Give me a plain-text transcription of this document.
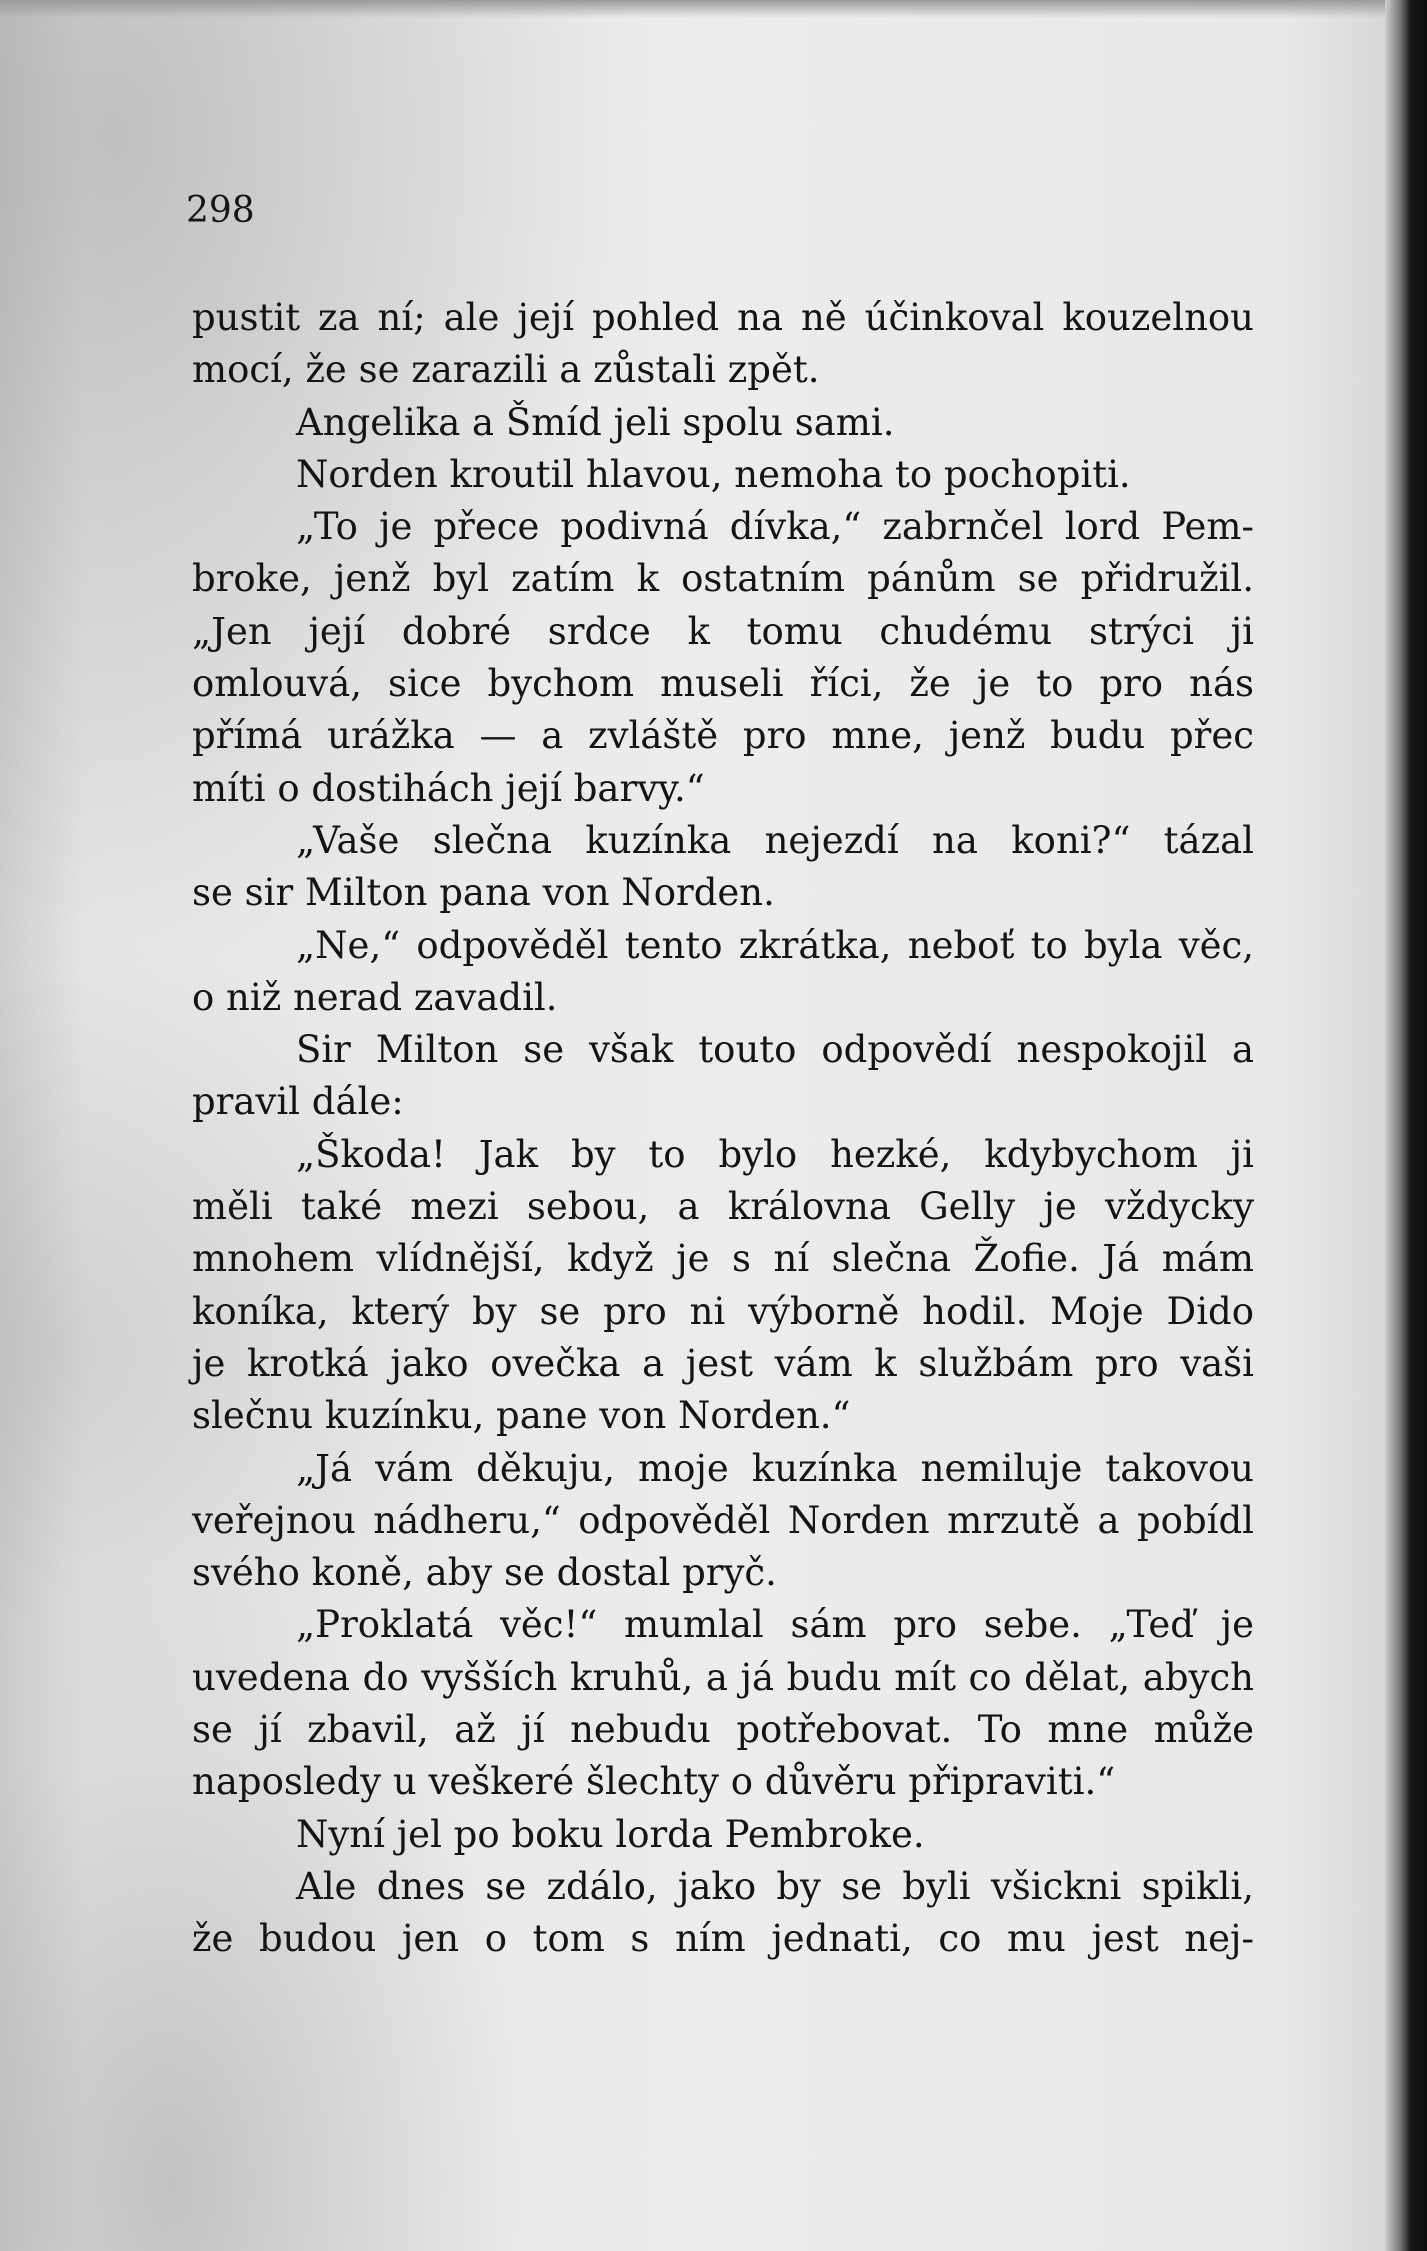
298

pustit za ní; ale její pohled na ně účinkoval kouzelnou
mocí, že se zarazili a zůstali zpět.
Angelika a Šmíd jeli spolu sami.
Norden kroutil hlavou, nemoha to pochopiti.
„To je přece podivná dívka,“ zabrnčel lord Pem-
broke, jenž byl zatím k ostatním pánům se přidružil.
„Jen její dobré srdce k tomu chudému strýci ji
omlouvá, sice bychom museli říci, že je to pro nás
přímá urážka — a zvláště pro mne, jenž budu přec
míti o dostihách její barvy.“
„Vaše slečna kuzínka nejezdí na koni?“ tázal
se sir Milton pana von Norden.
„Ne,“ odpověděl tento zkrátka, neboť to byla věc,
o niž nerad zavadil.
Sir Milton se však touto odpovědí nespokojil a
pravil dále:
„Škoda! Jak by to bylo hezké, kdybychom ji
měli také mezi sebou, a královna Gelly je vždycky
mnohem vlídnější, když je s ní slečna Žofie. Já mám
koníka, který by se pro ni výborně hodil. Moje Dido
je krotká jako ovečka a jest vám k službám pro vaši
slečnu kuzínku, pane von Norden.“
„Já vám děkuju, moje kuzínka nemiluje takovou
veřejnou nádheru,“ odpověděl Norden mrzutě a pobídl
svého koně, aby se dostal pryč.
„Proklatá věc!“ mumlal sám pro sebe. „Teď je
uvedena do vyšších kruhů, a já budu mít co dělat, abych
se jí zbavil, až jí nebudu potřebovat. To mne může
naposledy u veškeré šlechty o důvěru připraviti.“
Nyní jel po boku lorda Pembroke.
Ale dnes se zdálo, jako by se byli všickni spikli,
že budou jen o tom s ním jednati, co mu jest nej-
